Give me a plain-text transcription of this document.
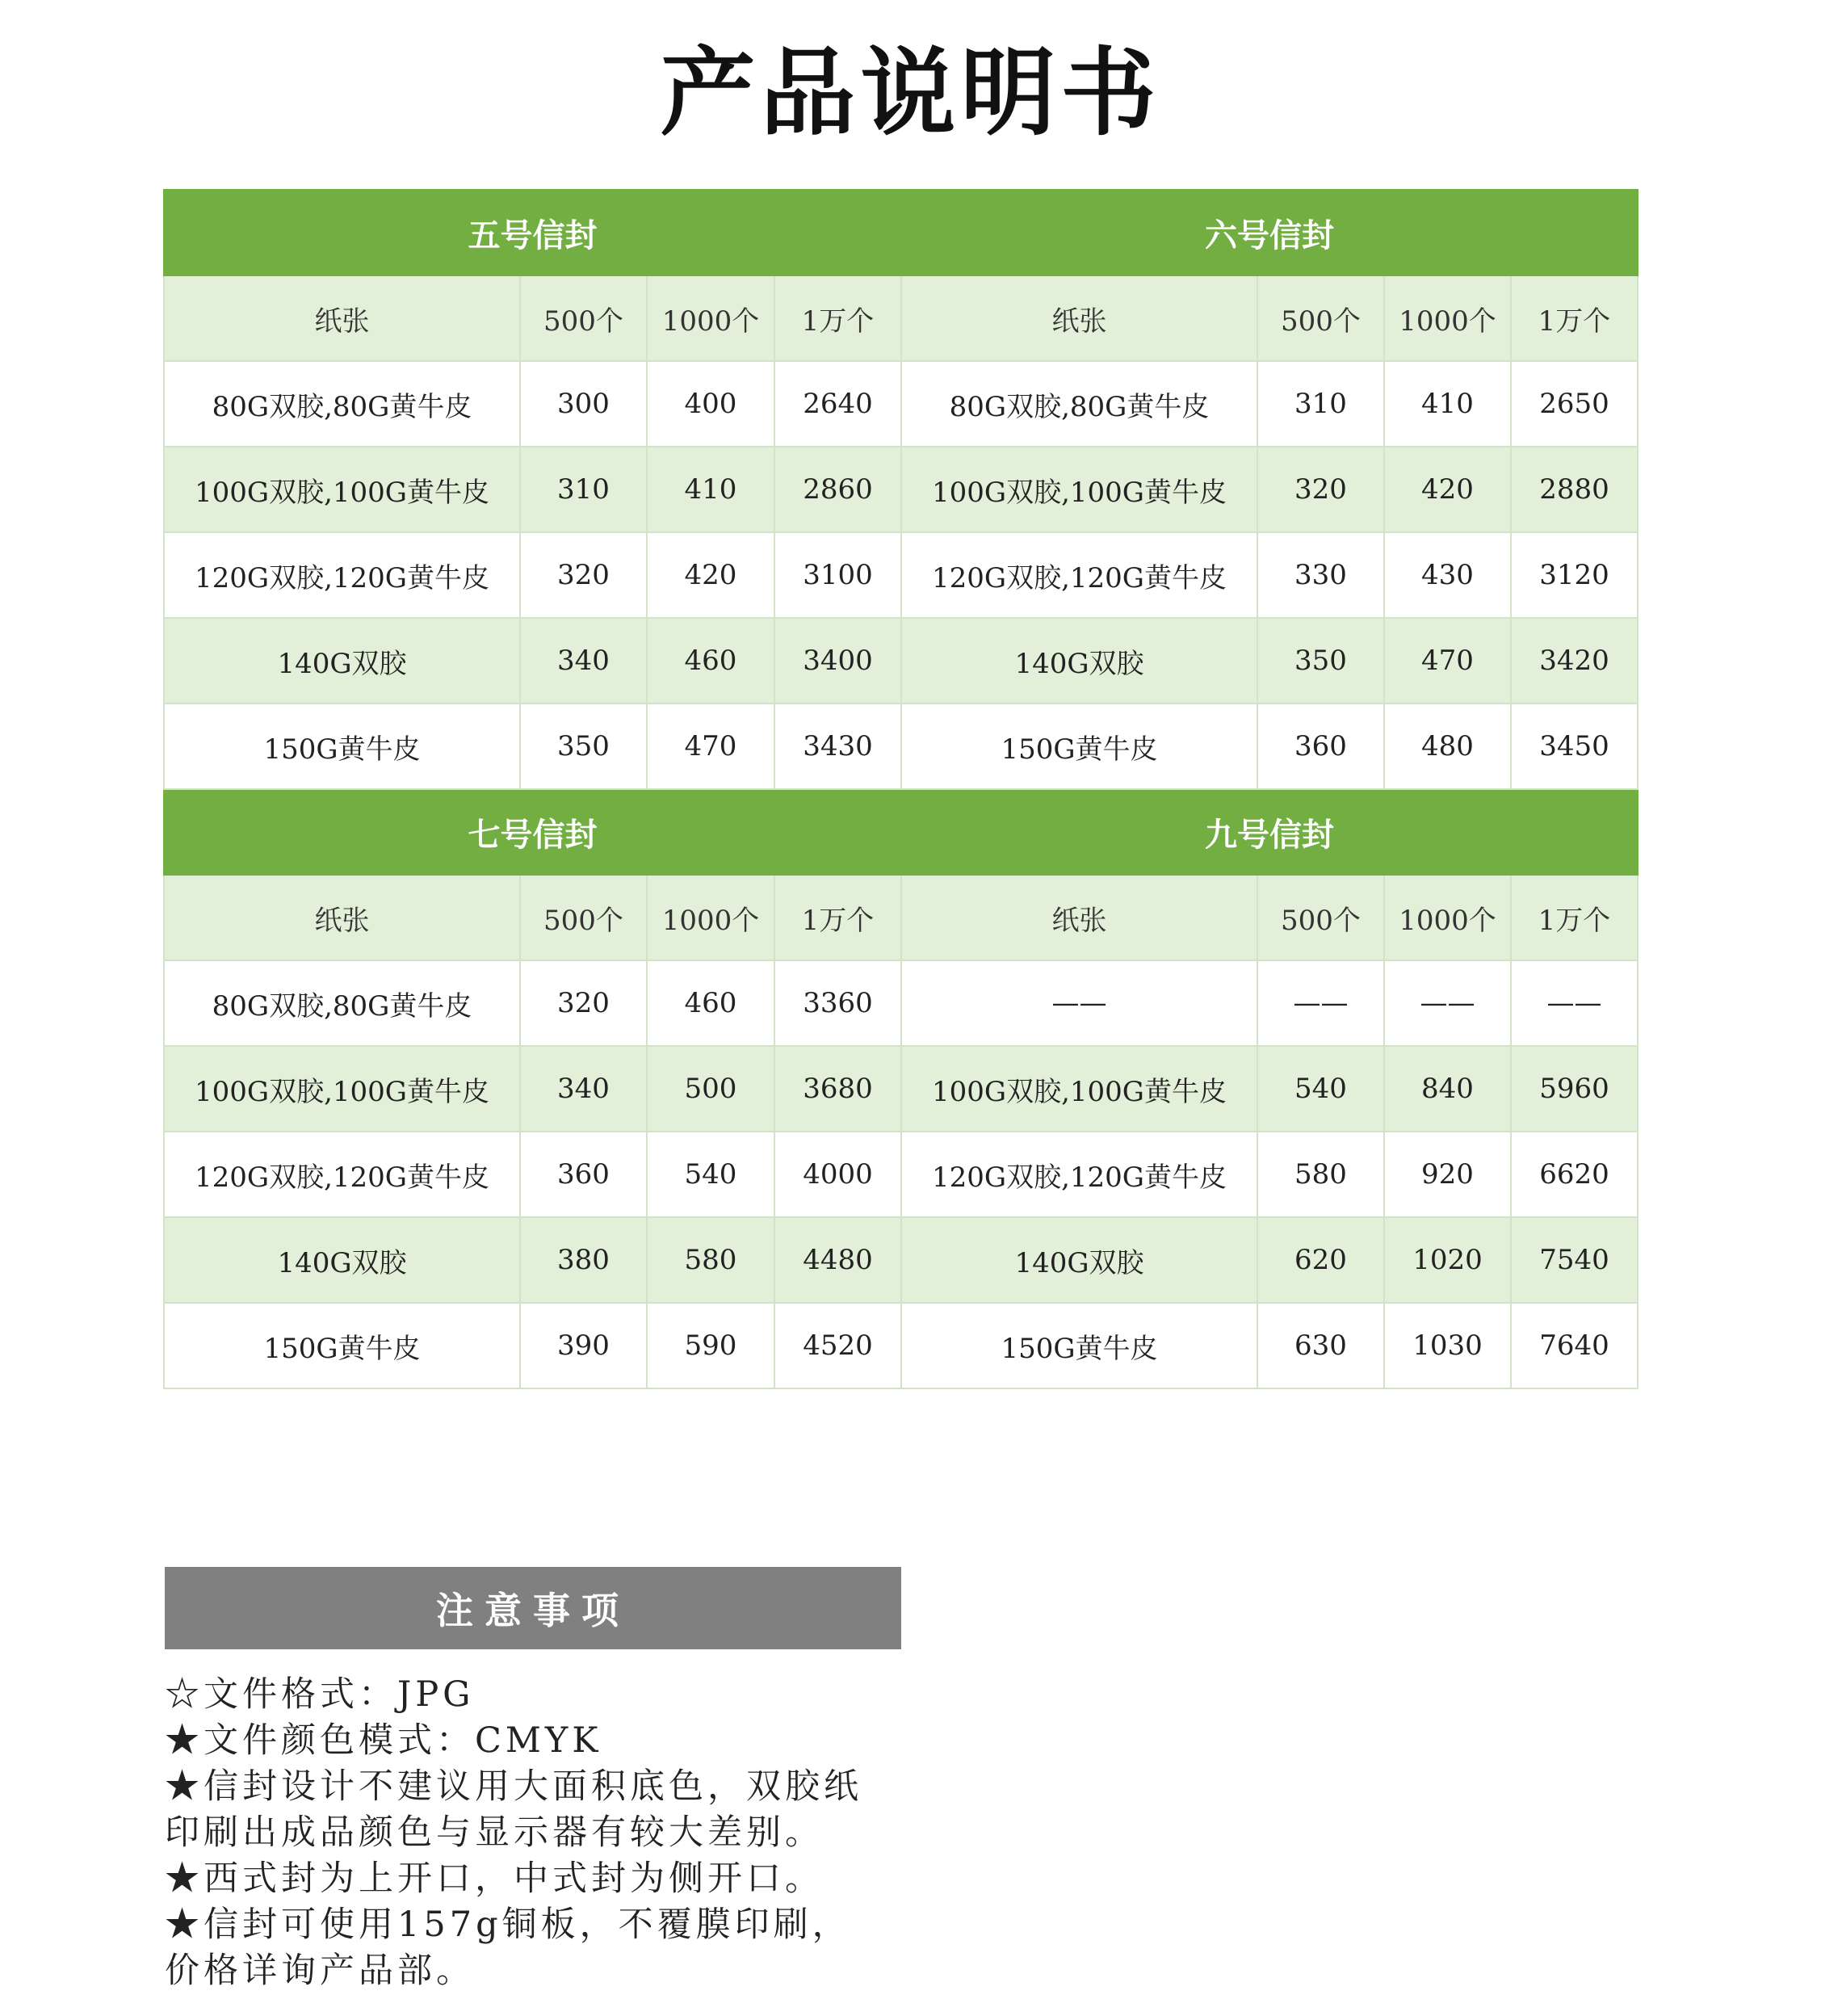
产品说明书
五号信封				六号信封			
纸张	500个	1000个	1万个	纸张	500个	1000个	1万个
80G双胶,80G黄牛皮	300	400	2640	80G双胶,80G黄牛皮	310	410	2650
100G双胶,100G黄牛皮	310	410	2860	100G双胶,100G黄牛皮	320	420	2880
120G双胶,120G黄牛皮	320	420	3100	120G双胶,120G黄牛皮	330	430	3120
140G双胶	340	460	3400	140G双胶	350	470	3420
150G黄牛皮	350	470	3430	150G黄牛皮	360	480	3450
七号信封				九号信封			
纸张	500个	1000个	1万个	纸张	500个	1000个	1万个
80G双胶,80G黄牛皮	320	460	3360	——	——	——	——
100G双胶,100G黄牛皮	340	500	3680	100G双胶,100G黄牛皮	540	840	5960
120G双胶,120G黄牛皮	360	540	4000	120G双胶,120G黄牛皮	580	920	6620
140G双胶	380	580	4480	140G双胶	620	1020	7540
150G黄牛皮	390	590	4520	150G黄牛皮	630	1030	7640
注意事项
☆文件格式：JPG
★文件颜色模式：CMYK
★信封设计不建议用大面积底色，双胶纸
印刷出成品颜色与显示器有较大差别。
★西式封为上开口，中式封为侧开口。
★信封可使用157g铜板，不覆膜印刷，
价格详询产品部。
